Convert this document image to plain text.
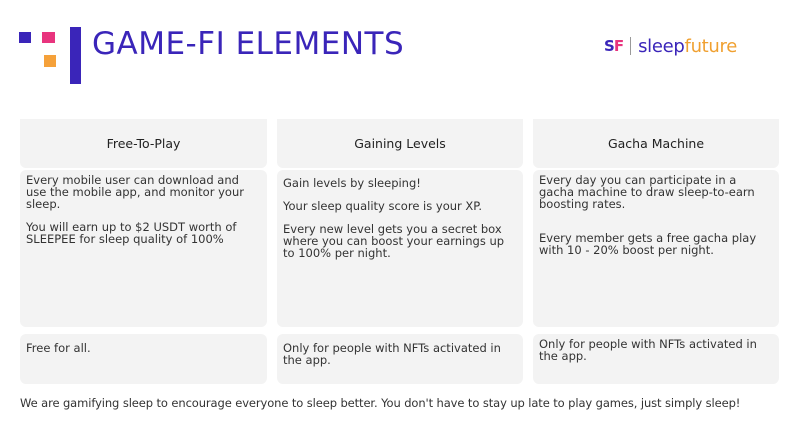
GAME-FI ELEMENTS	SF sleepfuture
Free-To-Play

Every mobile user can download and use the mobile app, and monitor your sleep.

You will earn up to $2 USDT worth of SLEEPEE for sleep quality of 100%

Free for all.

Gaining Levels

Gain levels by sleeping!

Your sleep quality score is your XP.

Every new level gets you a secret box where you can boost your earnings up to 100% per night.

Only for people with NFTs activated in the app.

Gacha Machine

Every day you can participate in a gacha machine to draw sleep-to-earn boosting rates.

Every member gets a free gacha play with 10 - 20% boost per night.

Only for people with NFTs activated in the app.

We are gamifying sleep to encourage everyone to sleep better. You don't have to stay up late to play games, just simply sleep!
